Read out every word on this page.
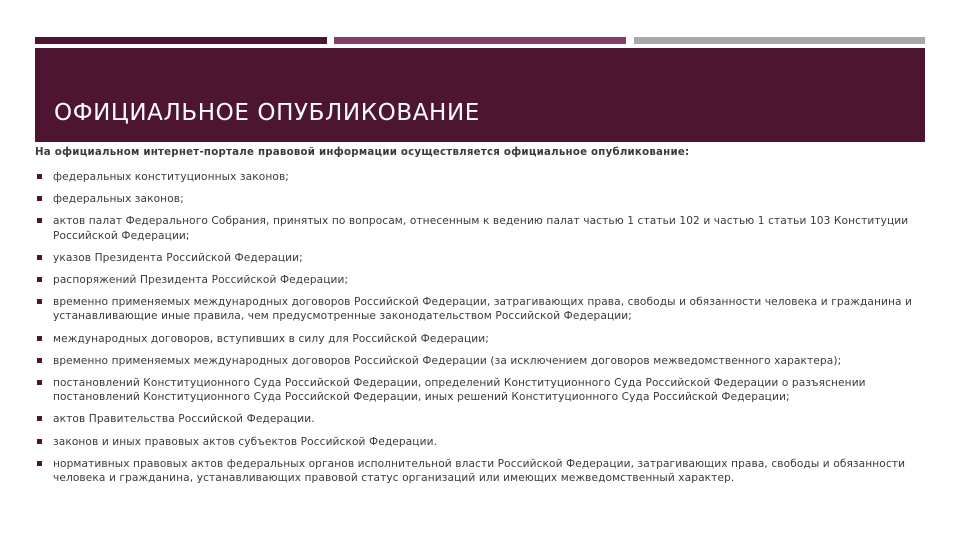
ОФИЦИАЛЬНОЕ ОПУБЛИКОВАНИЕ
На официальном интернет-портале правовой информации осуществляется официальное опубликование:
федеральных конституционных законов;
федеральных законов;
актов палат Федерального Собрания, принятых по вопросам, отнесенным к ведению палат частью 1 статьи 102 и частью 1 статьи 103 Конституции Российской Федерации;
указов Президента Российской Федерации;
распоряжений Президента Российской Федерации;
временно применяемых международных договоров Российской Федерации, затрагивающих права, свободы и обязанности человека и гражданина и устанавливающие иные правила, чем предусмотренные законодательством Российской Федерации;
международных договоров, вступивших в силу для Российской Федерации;
временно применяемых международных договоров Российской Федерации (за исключением договоров межведомственного характера);
постановлений Конституционного Суда Российской Федерации, определений Конституционного Суда Российской Федерации о разъяснении постановлений Конституционного Суда Российской Федерации, иных решений Конституционного Суда Российской Федерации;
актов Правительства Российской Федерации.
законов и иных правовых актов субъектов Российской Федерации.
нормативных правовых актов федеральных органов исполнительной власти Российской Федерации, затрагивающих права, свободы и обязанности человека и гражданина, устанавливающих правовой статус организаций или имеющих межведомственный характер.
